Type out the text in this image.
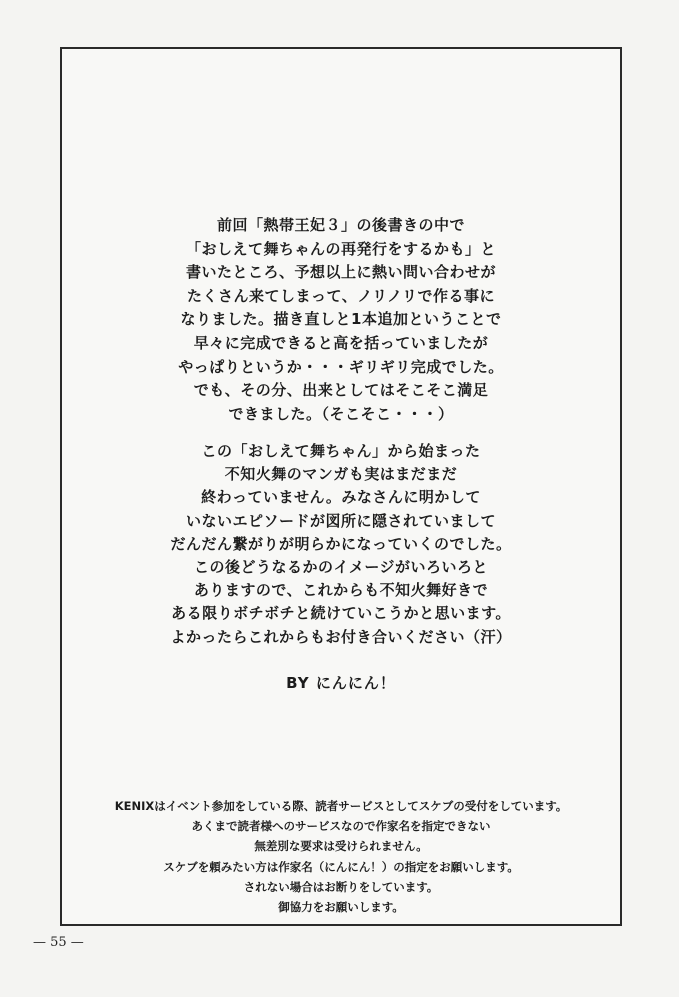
前回「熱帯王妃３」の後書きの中で

「おしえて舞ちゃんの再発行をするかも」と

書いたところ、予想以上に熱い問い合わせが

たくさん来てしまって、ノリノリで作る事に

なりました。描き直しと1本追加ということで

早々に完成できると高を括っていましたが

やっぱりというか・・・ギリギリ完成でした。

でも、その分、出来としてはそこそこ満足

できました。（そこそこ・・・）

この「おしえて舞ちゃん」から始まった

不知火舞のマンガも実はまだまだ

終わっていません。みなさんに明かして

いないエピソードが図所に隠されていまして

だんだん繋がりが明らかになっていくのでした。

この後どうなるかのイメージがいろいろと

ありますので、これからも不知火舞好きで

ある限りボチボチと続けていこうかと思います。

よかったらこれからもお付き合いください（汗）

BY にんにん！

KENIXはイベント参加をしている際、読者サービスとしてスケブの受付をしています。

あくまで読者様へのサービスなので作家名を指定できない

無差別な要求は受けられません。

スケブを頼みたい方は作家名（にんにん！）の指定をお願いします。

されない場合はお断りをしています。

御協力をお願いします。

— 55 —
